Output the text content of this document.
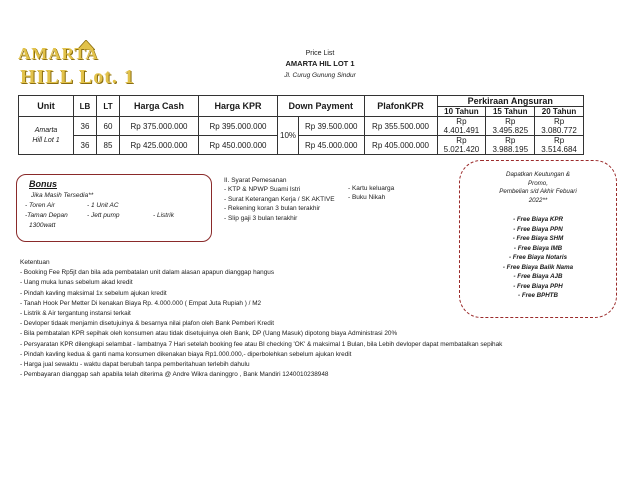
AMARTA
HILL Lot. 1
Price List
AMARTA HIL LOT 1
Jl. Curug Gunung Sindur
Unit	LB	LT	Harga Cash	Harga KPR	Down Payment		PlafonKPR	Perkiraan Angsuran		
								10 Tahun	15 Tahun	20 Tahun

Amarta
Hill Lot 1	36	60	Rp 375.000.000	Rp 395.000.000	10%	Rp 39.500.000	Rp 355.500.000	Rp 4.401.491	Rp 3.495.825	Rp 3.080.772
	36	85	Rp 425.000.000	Rp 450.000.000		Rp 45.000.000	Rp 405.000.000	Rp 5.021.420	Rp 3.988.195	Rp 3.514.684
Bonus
Jika Masih Tersedia**
- Toren Air	- 1 Unit AC
-Taman Depan	- Jett pump	- Listrik
1300watt
II. Syarat Pemesanan
- KTP & NPWP Suami Istri
- Surat Keterangan Kerja / SK AKTIVE
- Rekening koran 3 bulan terakhir
- Slip gaji 3 bulan terakhir
- Kartu keluarga
- Buku Nikah
Dapatkan Keutungan &
Promo,
Pembelian s/d Akhir Febuari
2022**
- Free Biaya KPR
- Free Biaya PPN
- Free Biaya SHM
- Free Biaya IMB
- Free Biaya Notaris
- Free Biaya Balik Nama
- Free Biaya AJB
- Free Biaya PPH
- Free BPHTB
Ketentuan
- Booking Fee Rp5jt dan bila ada pembatalan unit dalam alasan apapun dianggap hangus
- Uang muka lunas sebelum akad kredit
- Pindah kavling maksimal 1x sebelum ajukan kredit
- Tanah Hook Per Metter Di kenakan Biaya Rp. 4.000.000 ( Empat Juta Rupiah ) / M2
- Listrik & Air tergantung instansi terkait
- Devloper tidaak menjamin disetujuinya & besarnya nilai plafon oleh Bank Pemberi Kredit
- Bila pembatalan KPR sepihak oleh konsumen atau tidak disetujuinya oleh Bank, DP (Uang Masuk) dipotong biaya Administrasi 20%
- Persyaratan KPR dilengkapi selambat - lambatnya 7 Hari setelah booking fee atau BI checking 'OK' & maksimal 1 Bulan, bila Lebih devloper dapat membatalkan sepihak
- Pindah kavling kedua & ganti nama konsumen dikenakan biaya Rp1.000.000,- diperbolehkan sebelum ajukan kredit
- Harga jual sewaktu - waktu dapat berubah tanpa pemberitahuan terlebih dahulu
- Pembayaran dianggap sah apabila telah diterima @ Andre Wikra daninggro , Bank Mandiri 1240010238948
